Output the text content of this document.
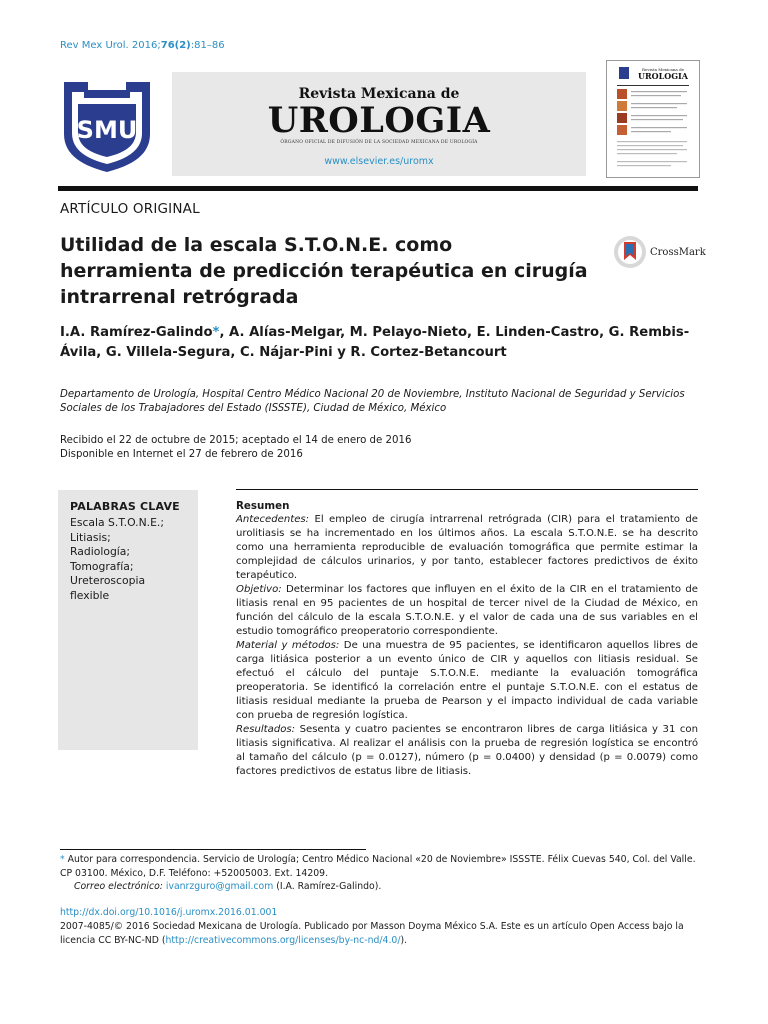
Rev Mex Urol. 2016;76(2):81–86
SMU
Revista Mexicana de
UROLOGIA
ÓRGANO OFICIAL DE DIFUSIÓN DE LA SOCIEDAD MEXICANA DE UROLOGÍA
www.elsevier.es/uromx
Revista Mexicana de
UROLOGIA
ARTÍCULO ORIGINAL
Utilidad de la escala S.T.O.N.E. como herramienta de predicción terapéutica en cirugía intrarrenal retrógrada
CrossMark
I.A. Ramírez-Galindo*, A. Alías-Melgar, M. Pelayo-Nieto, E. Linden-Castro, G. Rembis-Ávila, G. Villela-Segura, C. Nájar-Pini y R. Cortez-Betancourt
Departamento de Urología, Hospital Centro Médico Nacional 20 de Noviembre, Instituto Nacional de Seguridad y Servicios Sociales de los Trabajadores del Estado (ISSSTE), Ciudad de México, México
Recibido el 22 de octubre de 2015; aceptado el 14 de enero de 2016
Disponible en Internet el 27 de febrero de 2016
PALABRAS CLAVE
Escala S.T.O.N.E.;
Litiasis;
Radiología;
Tomografía;
Ureteroscopia
flexible
Resumen

Antecedentes: El empleo de cirugía intrarrenal retrógrada (CIR) para el tratamiento de urolitiasis se ha incrementado en los últimos años. La escala S.T.O.N.E. se ha descrito como una herramienta reproducible de evaluación tomográfica que permite estimar la complejidad de cálculos urinarios, y por tanto, establecer factores predictivos de éxito terapéutico.

Objetivo: Determinar los factores que influyen en el éxito de la CIR en el tratamiento de litiasis renal en 95 pacientes de un hospital de tercer nivel de la Ciudad de México, en función del cálculo de la escala S.T.O.N.E. y el valor de cada una de sus variables en el estudio tomográfico preoperatorio correspondiente.

Material y métodos: De una muestra de 95 pacientes, se identificaron aquellos libres de carga litiásica posterior a un evento único de CIR y aquellos con litiasis residual. Se efectuó el cálculo del puntaje S.T.O.N.E. mediante la evaluación tomográfica preoperatoria. Se identificó la correlación entre el puntaje S.T.O.N.E. con el estatus de litiasis residual mediante la prueba de Pearson y el impacto individual de cada variable con prueba de regresión logística.

Resultados: Sesenta y cuatro pacientes se encontraron libres de carga litiásica y 31 con litiasis significativa. Al realizar el análisis con la prueba de regresión logística se encontró al tamaño del cálculo (p = 0.0127), número (p = 0.0400) y densidad (p = 0.0079) como factores predictivos de estatus libre de litiasis.

* Autor para correspondencia. Servicio de Urología; Centro Médico Nacional «20 de Noviembre» ISSSTE. Félix Cuevas 540, Col. del Valle. CP 03100. México, D.F. Teléfono: +52005003. Ext. 14209.
Correo electrónico: ivanrzguro@gmail.com (I.A. Ramírez-Galindo).
http://dx.doi.org/10.1016/j.uromx.2016.01.001
2007-4085/© 2016 Sociedad Mexicana de Urología. Publicado por Masson Doyma México S.A. Este es un artículo Open Access bajo la licencia CC BY-NC-ND (http://creativecommons.org/licenses/by-nc-nd/4.0/).
